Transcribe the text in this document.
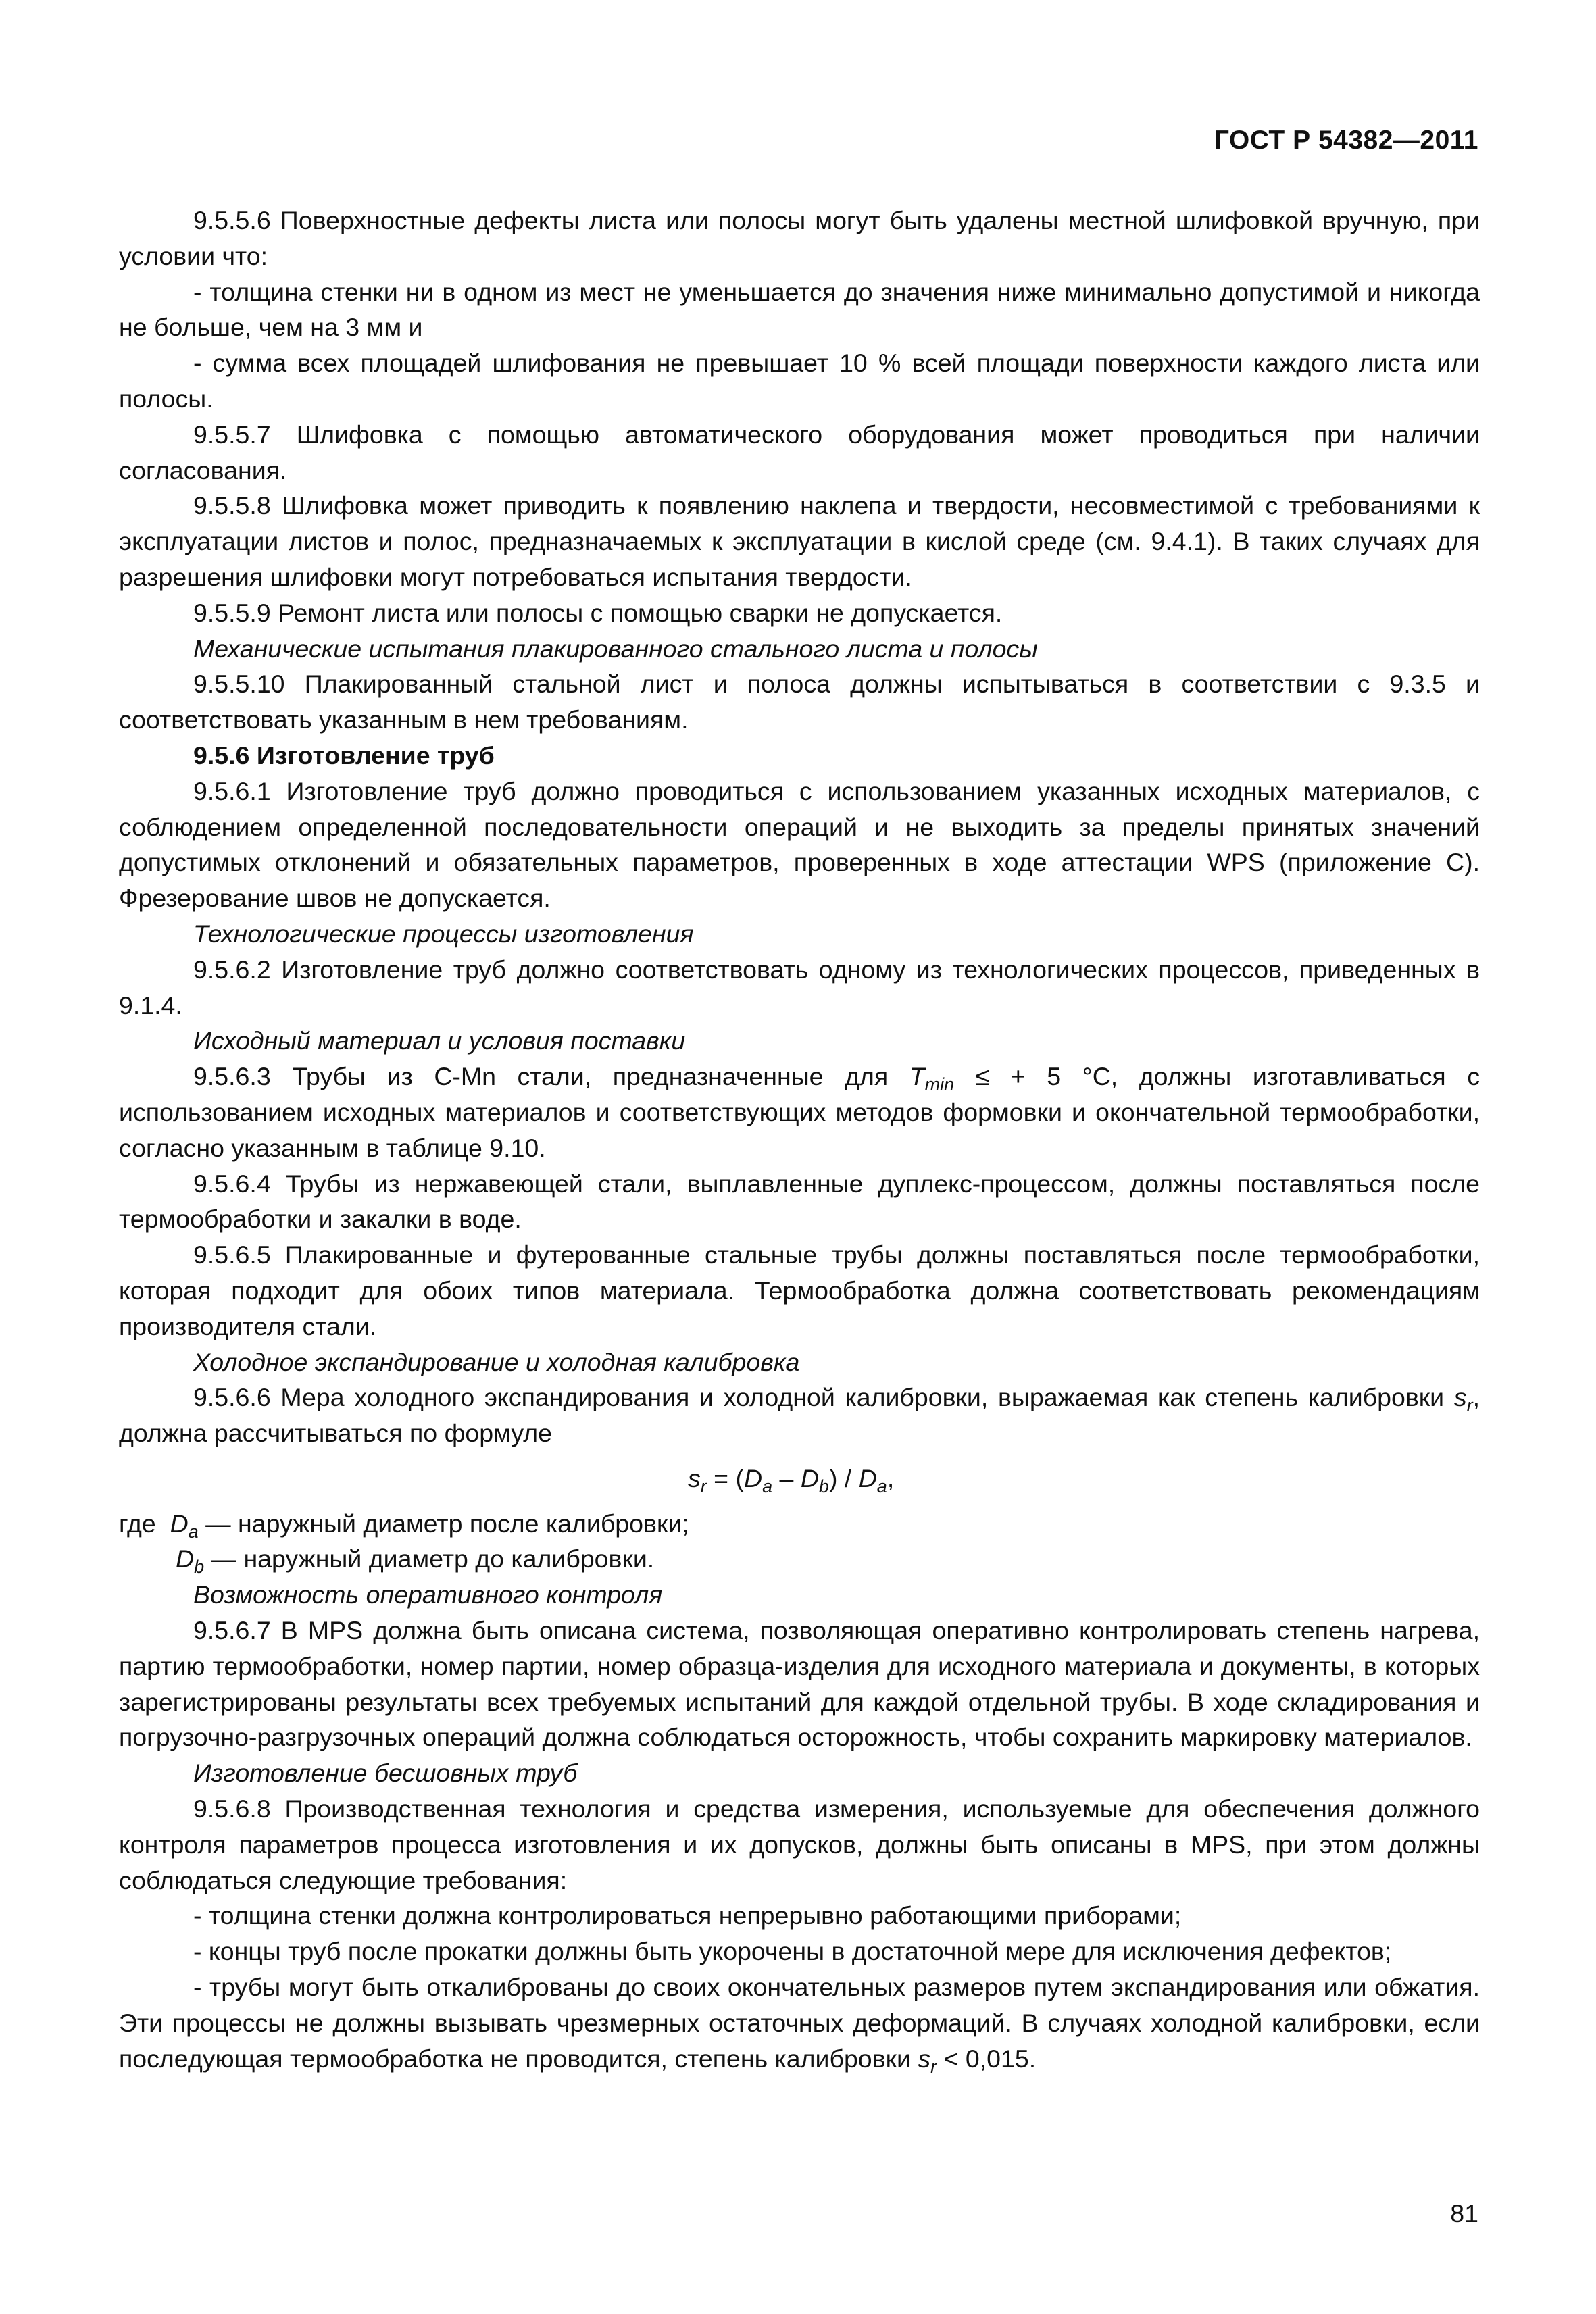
ГОСТ Р 54382—2011

9.5.5.6 Поверхностные дефекты листа или полосы могут быть удалены местной шлифовкой вручную, при условии что:

- толщина стенки ни в одном из мест не уменьшается до значения ниже минимально допустимой и никогда не больше, чем на 3 мм и

- сумма всех площадей шлифования не превышает 10 % всей площади поверхности каждого листа или полосы.

9.5.5.7 Шлифовка с помощью автоматического оборудования может проводиться при наличии согласования.

9.5.5.8 Шлифовка может приводить к появлению наклепа и твердости, несовместимой с требованиями к эксплуатации листов и полос, предназначаемых к эксплуатации в кислой среде (см. 9.4.1). В таких случаях для разрешения шлифовки могут потребоваться испытания твердости.

9.5.5.9 Ремонт листа или полосы с помощью сварки не допускается.

Механические испытания плакированного стального листа и полосы

9.5.5.10 Плакированный стальной лист и полоса должны испытываться в соответствии с 9.3.5 и соответствовать указанным в нем требованиям.

9.5.6 Изготовление труб

9.5.6.1 Изготовление труб должно проводиться с использованием указанных исходных материалов, с соблюдением определенной последовательности операций и не выходить за пределы принятых значений допустимых отклонений и обязательных параметров, проверенных в ходе аттестации WPS (приложение С). Фрезерование швов не допускается.

Технологические процессы изготовления

9.5.6.2 Изготовление труб должно соответствовать одному из технологических процессов, приведенных в 9.1.4.

Исходный материал и условия поставки

9.5.6.3 Трубы из C-Mn стали, предназначенные для $T_{min}$ ≤ + 5 °С, должны изготавливаться с использованием исходных материалов и соответствующих методов формовки и окончательной термообработки, согласно указанным в таблице 9.10.

9.5.6.4 Трубы из нержавеющей стали, выплавленные дуплекс-процессом, должны поставляться после термообработки и закалки в воде.

9.5.6.5 Плакированные и футерованные стальные трубы должны поставляться после термообработки, которая подходит для обоих типов материала. Термообработка должна соответствовать рекомендациям производителя стали.

Холодное экспандирование и холодная калибровка

9.5.6.6 Мера холодного экспандирования и холодной калибровки, выражаемая как степень калибровки $s_r$, должна рассчитываться по формуле

$s_r = (D_a - D_b) / D_a$,

где  $D_a$ — наружный диаметр после калибровки;

$D_b$ — наружный диаметр до калибровки.

Возможность оперативного контроля

9.5.6.7 В MPS должна быть описана система, позволяющая оперативно контролировать степень нагрева, партию термообработки, номер партии, номер образца-изделия для исходного материала и документы, в которых зарегистрированы результаты всех требуемых испытаний для каждой отдельной трубы. В ходе складирования и погрузочно-разгрузочных операций должна соблюдаться осторожность, чтобы сохранить маркировку материалов.

Изготовление бесшовных труб

9.5.6.8 Производственная технология и средства измерения, используемые для обеспечения должного контроля параметров процесса изготовления и их допусков, должны быть описаны в MPS, при этом должны соблюдаться следующие требования:

- толщина стенки должна контролироваться непрерывно работающими приборами;

- концы труб после прокатки должны быть укорочены в достаточной мере для исключения дефектов;

- трубы могут быть откалиброваны до своих окончательных размеров путем экспандирования или обжатия. Эти процессы не должны вызывать чрезмерных остаточных деформаций. В случаях холодной калибровки, если последующая термообработка не проводится, степень калибровки $s_r < 0,015$.

81
